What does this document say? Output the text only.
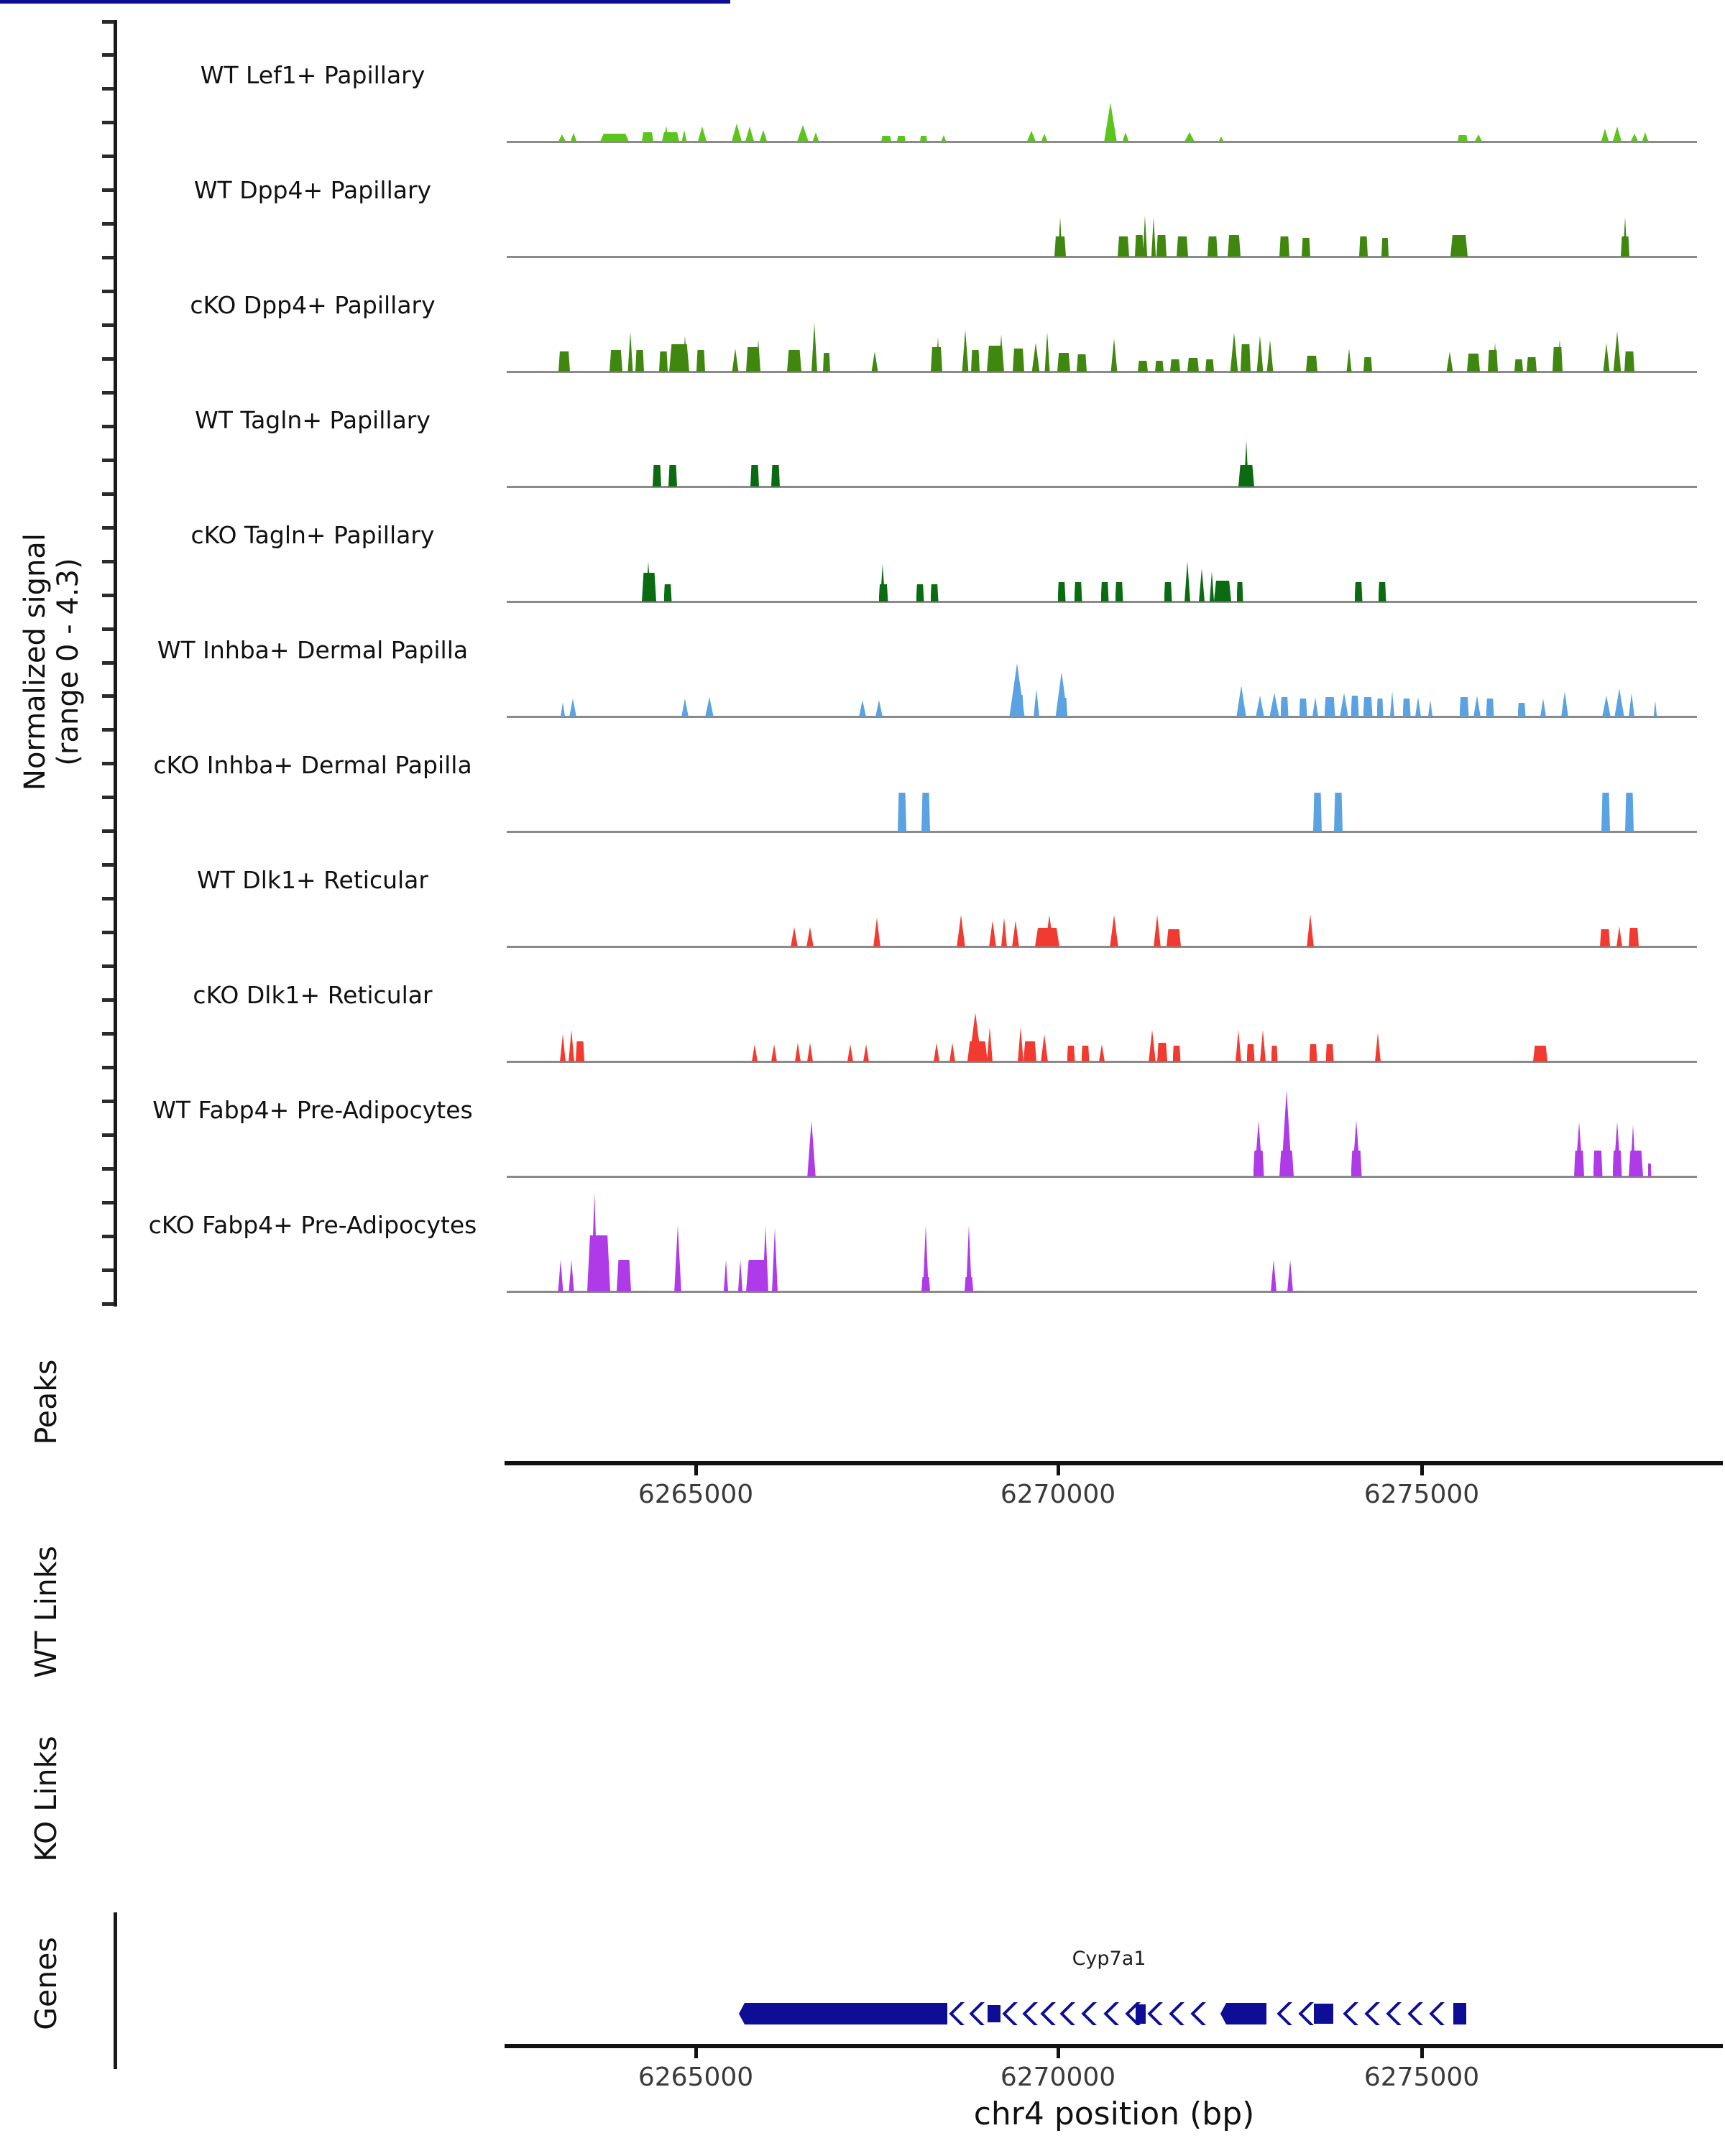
Normalized signal (range 0 - 4.3)
WT Lef1+ Papillary
WT Dpp4+ Papillary
cKO Dpp4+ Papillary
WT Tagln+ Papillary
cKO Tagln+ Papillary
WT Inhba+ Dermal Papilla
cKO Inhba+ Dermal Papilla
WT Dlk1+ Reticular
cKO Dlk1+ Reticular
WT Fabp4+ Pre-Adipocytes
cKO Fabp4+ Pre-Adipocytes
Peaks
WT Links
KO Links
Genes
6265000	6270000	6275000
6265000	6270000	6275000
chr4 position (bp)
Cyp7a1
